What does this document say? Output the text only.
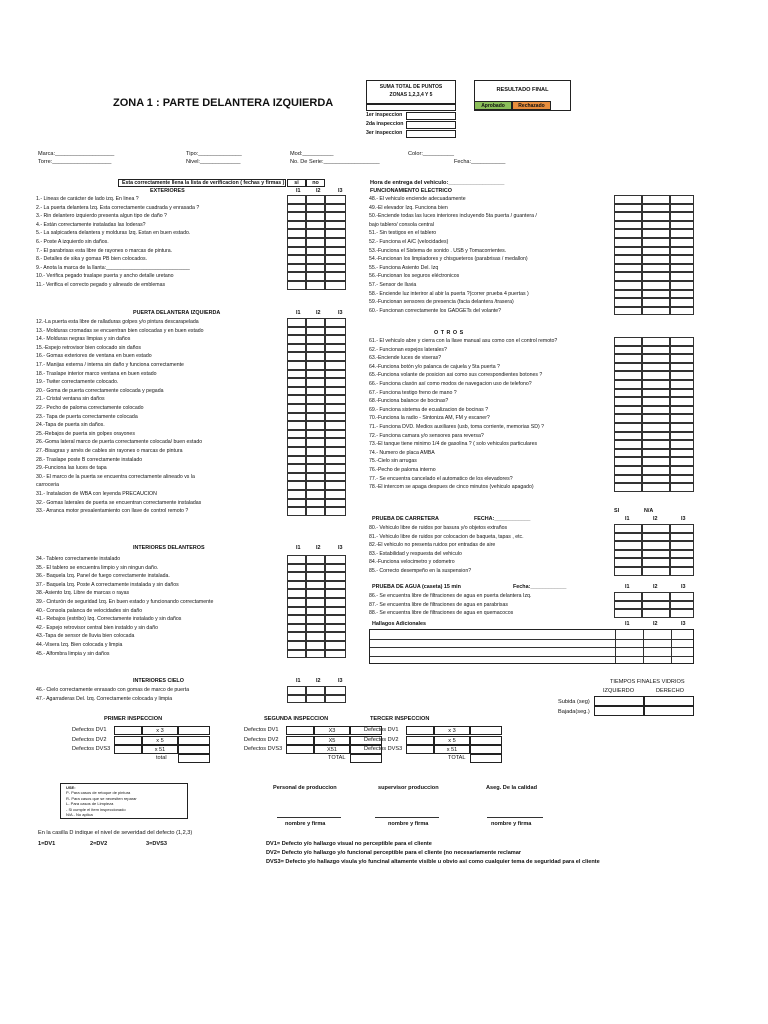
ZONA 1 : PARTE DELANTERA IZQUIERDA
SUMA TOTAL DE PUNTOS
ZONAS 1,2,3,4 Y 5
RESULTADO FINAL
Aprobado	Rechazado
1er inspeccion
2da inspeccion
3er inspeccion
Marca:___________________
Torre:___________________
Tipo:______________
Nivel:_____________
Mod:__________
No. De Serie:__________________
Color:__________
Fecha:___________
Esta correctamente llena la lista de verificacion ( fechas y firmas )	si	no
EXTERIORES	I1	I2	I3
1.- Lineas de carácter de lado izq. En linea ?
2.- La puerta delantera Izq. Esta correctamente cuadrada y enrasada ?
3.- Rin delantero izquierdo presenta algun tipo de daño ?
4.- Están correctamente instaladas las loderas?
5.- La salpicadera delantera y molduras Izq. Estan en buen estado.
6.- Poste A izquierdo sin daños.
7.- El parabrisas esta libre de rayones o marcas de pintura.
8.- Detalles de sika y gomas PB bien colocados.
9.- Anota la marca de la llanta:_____________________________
10.- Verifica pegado traslape puerta y ancho detalle uretano
11.- Verifica el correcto pegado y alineado de emblemas
PUERTA DELANTERA IZQUIERDA	I1	I2	I3
12.-La puerta esta libre de ralladuras golpes y/o pintura descarapelada
13.- Molduras cromadas se encuentran bien colocadas y en buen estado
14.- Molduras negras limpias y sin daños
15.-Espejo retrovisor bien colocado sin daños
16.- Gomas exteriores de ventana en buen estado
17.- Manijas externa / interna sin daño y funciona correctamente
18.- Traslape interior marco ventana en buen estado
19.- Twiter correctamente colocado.
20.- Goma de puerta correctamente colocada y pegada
21.- Cristal ventana sin daños
22.- Pecho de paloma correctamente colocado
23.- Tapa de puerta correctamente colocada
24.-Tapa de puerta sin daños.
25.-Rebajos de puerta sin golpes orayones
26.-Goma lateral marco de puerta correctamente colocada/ buen estado
27.-Bisagras y arnés de cables sin rayones o marcas de pintura
28.- Traslape poste B correctamente instalado
29.-Funciona las luces de tapa
30.- El marco de la puerta se encuentra correctamente alineado vs la
carroceria
31.- Instalacion de WBA con leyenda PRECAUCION
32.- Gomas laterales de puerta se encuentran correctamente instaladas
33.- Arranca motor presalentamiento con llave de control remoto ?
INTERIORES DELANTEROS	I1	I2	I3
34.- Tablero correctamente instalado
35.- El tablero se encuentra limpio y sin ningun daño.
36.- Baquela Izq. Panel de fuego correctamente instalada.
37.- Baquela Izq. Poste A correctamente instalada y sin daños
38.-Asiento Izq. Libre de marcas o rayas
39.- Cinturón de seguridad Izq. En buen estado y funcionando correctamente
40.- Consola palanca de velocidades sin daño
41.- Rebajos (estribo) Izq. Correctamente instalado y sin daños
42.- Espejo retrovisor central bien instaldo y sin daño
43.-Tapa de sensor de lluvia bien colocada
44.-Visera Izq. Bien colocada y limpia
45.- Alfombra limpia y sin daños
INTERIORES CIELO	I1	I2	I3
46.- Cielo correctamente enrasado con gomas de marco de puerta
47.- Agarraderas Del. Izq. Correctamente colocada y limpia
Hora de entrega del vehiculo:__________________
FUNCIONAMIENTO ELECTRICO
48.- El vehiculo enciende adecuadamente
49.-El elevador Izq. Funciona bien
50.-Enciende todas las luces interiores incluyendo 5ta puerta / guantera /
bajo tablero/ consola central
51.- Sin testigos en el tablero
52.- Funciona el A/C (velocidades)
53.-Funciona el Sistema de sonido . USB y Tomacorrientes.
54.-Funcionan los limpiadores y chisgueteros (parabrisas / medallon)
55.- Funciona Asiento Del. Izq
56.-Funcionan los seguros eléctronicos
57.- Sensor de lluvia
58.- Enciende luz interiror al abir la puerta ?(correr prueba 4 puertas )
59.-Funcionan sensores de presencia (facia delantera /trasera)
60.- Funcionan correctamente los GADGETs del volante?
O T R O S
61.- El vehiculo abre y cierra con la llave manual asu como con el control remoto?
62.- Funcionan espejos laterales?
63.-Enciende luces de viseras?
64.-Funciona botón y/o palanca de cajuela y 5ta puerta ?
65.-Funciona volante de posicion asi como sus correspondientes botones ?
66.- Funciona claxón así como modos de navegacion uso de telefono?
67.- Funciona testigo freno de mano ?
68.-Funciona balance de bocinas?
69.- Funciona sistema de ecualizacion de bocinas ?
70.-Funciona la radio - Sintoniza AM, FM y escaner?
71.- Funciona DVD. Medios auxiliares (usb, toma corriente, memorias SD) ?
72.- Funciona camara y/o sensores para reversa?
73.-El tanque tiene minimo 1/4 de gasolina ? ( solo vehiculos particulares
74.- Numero de placa AMBA
75.-Cielo sin arrugas
76.-Pecho de paloma interno
77.- Se encuentra cancelado el automatico de los elevadores?
78.-El intercom se apaga despues de cinco minutos (vehiculo apagado)
SI	N/A
PRUEBA DE CARRETERA	FECHA:____________	I1	I2	I3
80.- Vehiculo libre de ruidos por basura y/o objetos extraños
81.- Vehiculo libre de ruidos por colocacion de baqueta, tapas , etc.
82.-El vehiculo no presenta ruidos por entradas de aire
83.- Estabilidad y respuesta del vehiculo
84.-Funciona velocimetro y odometro
85.- Correcto desempeño en la suspension?
PRUEBA DE AGUA (caseta) 15 min	Fecha:____________	I1	I2	I3
86.- Se encuentra libre de filtraciones de agua en puerta delantera Izq.
87.- Se encuentra libre de filtraciones de agua en parabrisas
88.- Se encuentra libre de filtraciones de agua en quemacocos
Hallagos Adicionales	I1	I2	I3
TIEMPOS FINALES VIDRIOS
IZQUIERDO	DERECHO
Subida (seg)
Bajada(seg.)
PRIMER INSPECCION
Defectos DV1	x 3
Defectos DV2	x 5
Defectos DVS3	x 51
total
SEGUNDA INSPECCION
Defectos DV1	X3
Defectos DV2	X5
Defectos DVS3	X51
TOTAL
TERCER INSPECCION
Defectos DV1	x 3
Defectos DV2	x 5
Defectos DVS3	x 51
TOTAL
USE:
P- Para casos de retoque de pintura
R- Para casos que se necesiten reparar
L- Para casos de Limpieza
- Si cumple el item inspeccionado
N/A - No aplica
Personal de produccion	supervisor produccion	Aseg. De la calidad
nombre y firma	nombre y firma	nombre y firma
En la casilla D indique el nivel de severidad del defecto (1,2,3)
1=DV1	2=DV2	3=DVS3	DV1= Defecto y/o hallazgo visual no perceptible para el cliente
DV2= Defecto y/o hallazgo y/o funcional perceptible para el cliente (no necesariamente reclamar
DVS3= Defecto y/o hallazgo visula y/o funcinal altamente visible u obvio asi como cualquier tema de seguridad para el cliente
